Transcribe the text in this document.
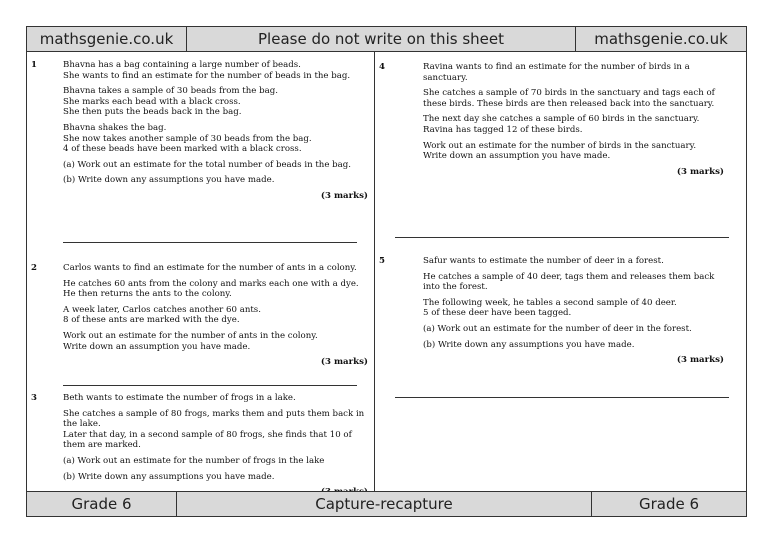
mathsgenie.co.uk	Please do not write on this sheet	mathsgenie.co.uk
1	Bhavna has a bag containing a large number of beads.
She wants to find an estimate for the number of beads in the bag.

Bhavna takes a sample of 30 beads from the bag.
She marks each bead with a black cross.
She then puts the beads back in the bag.

Bhavna shakes the bag.
She now takes another sample of 30 beads from the bag.
4 of these beads have been marked with a black cross.

(a) Work out an estimate for the total number of beads in the bag.

(b) Write down any assumptions you have made.

(3 marks)
2	Carlos wants to find an estimate for the number of ants in a colony.

He catches 60 ants from the colony and marks each one with a dye.
He then returns the ants to the colony.

A week later, Carlos catches another 60 ants.
8 of these ants are marked with the dye.

Work out an estimate for the number of ants in the colony.
Write down an assumption you have made.

(3 marks)
3	Beth wants to estimate the number of frogs in a lake.

She catches a sample of 80 frogs, marks them and puts them back in the lake.
Later that day, in a second sample of 80 frogs, she finds that 10 of them are marked.

(a) Work out an estimate for the number of frogs in the lake

(b) Write down any assumptions you have made.

4	Ravina wants to find an estimate for the number of birds in a sanctuary.

She catches a sample of 70 birds in the sanctuary and tags each of these birds. These birds are then released back into the sanctuary.

The next day she catches a sample of 60 birds in the sanctuary.
Ravina has tagged 12 of these birds.

Work out an estimate for the number of birds in the sanctuary.
Write down an assumption you have made.

(3 marks)
5	Safur wants to estimate the number of deer in a forest.

He catches a sample of 40 deer, tags them and releases them back into the forest.

The following week, he tables a second sample of 40 deer.
5 of these deer have been tagged.

(a) Work out an estimate for the number of deer in the forest.

(b) Write down any assumptions you have made.

(3 marks)
Grade 6	Capture-recapture	Grade 6
